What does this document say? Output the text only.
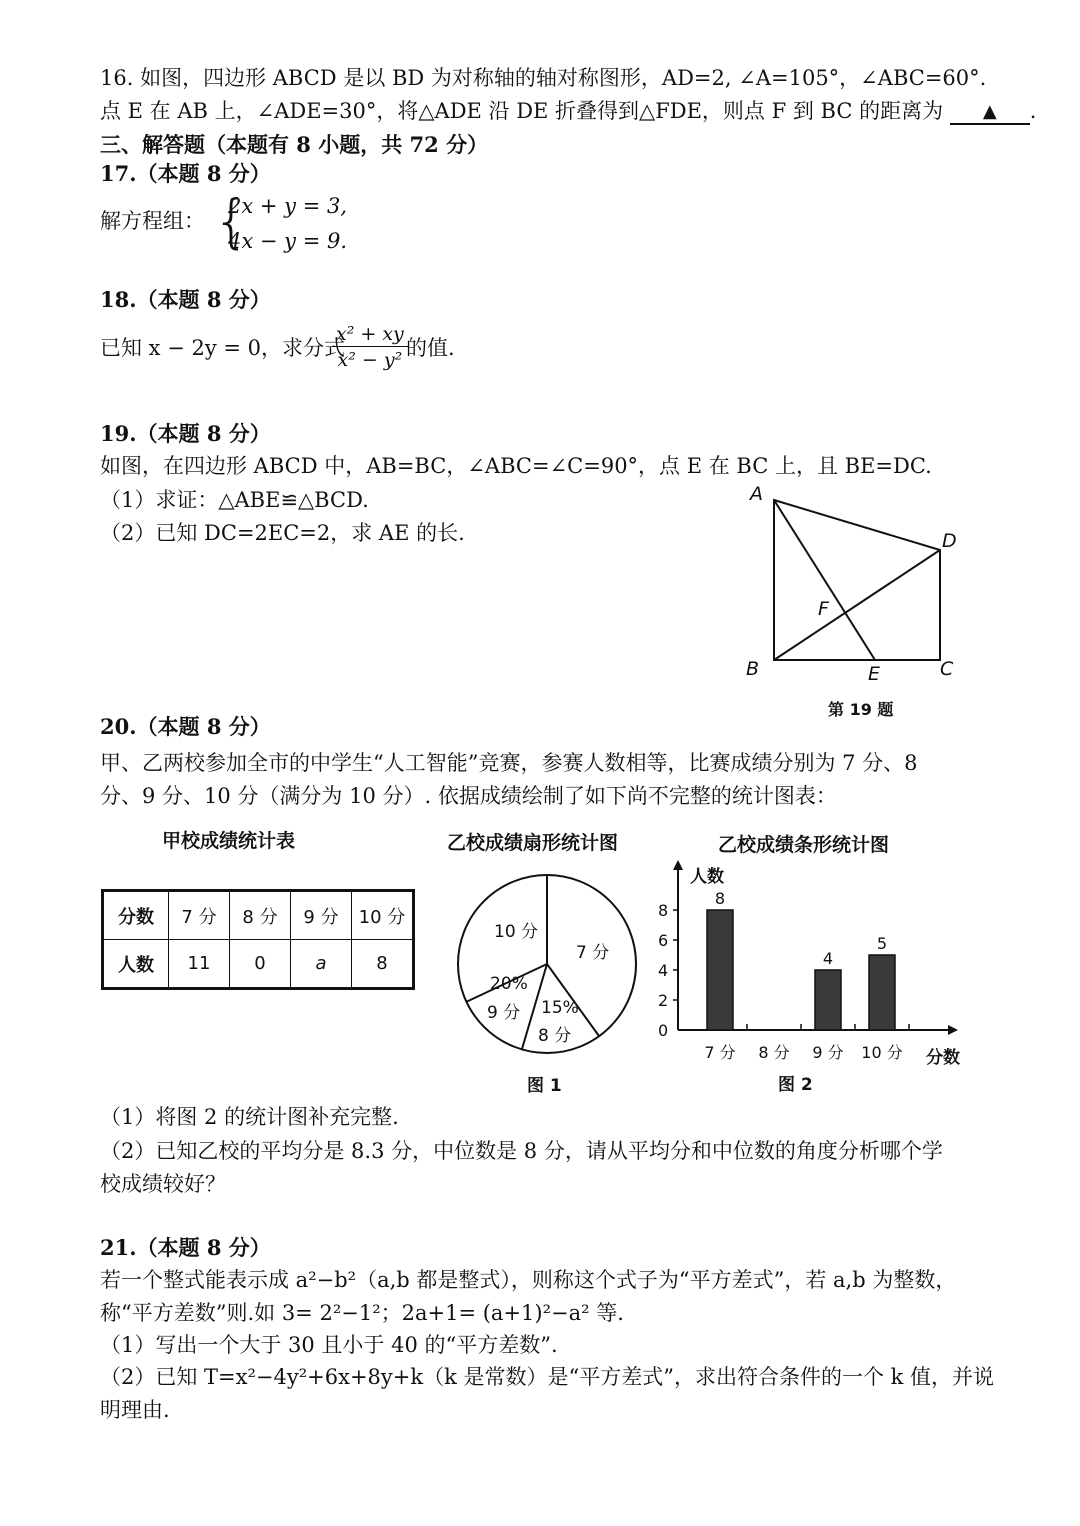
16. 如图，四边形 ABCD 是以 BD 为对称轴的轴对称图形，AD=2, ∠A=105°，∠ABC=60°.
点 E 在 AB 上，∠ADE=30°，将△ADE 沿 DE 折叠得到△FDE，则点 F 到 BC 的距离为 ▲ .
三、解答题（本题有 8 小题，共 72 分）
17.（本题 8 分）
解方程组： {
2x + y = 3,
4x − y = 9.
18.（本题 8 分）
已知 x − 2y = 0，求分式
$\frac{\text{x² + xy}}{\text{x² − y²}}$
的值.
19.（本题 8 分）
如图，在四边形 ABCD 中，AB=BC，∠ABC=∠C=90°，点 E 在 BC 上，且 BE=DC.
（1）求证：△ABE≌△BCD.
（2）已知 DC=2EC=2，求 AE 的长.
A
D
F
B	E	C
第 19 题
20.（本题 8 分）
甲、乙两校参加全市的中学生“人工智能”竞赛，参赛人数相等，比赛成绩分别为 7 分、8
分、9 分、10 分（满分为 10 分）. 依据成绩绘制了如下尚不完整的统计图表：
甲校成绩统计表
分数	7 分	8 分	9 分	10 分
人数	11	0	a	8
乙校成绩扇形统计图
10 分
7 分
20%
9 分 15%
8 分
图 1
乙校成绩条形统计图
人数
分数
0
2
4
6
8
7 分
8
8 分 9 分
4
10 分
5
图 2
（1）将图 2 的统计图补充完整.
（2）已知乙校的平均分是 8.3 分，中位数是 8 分，请从平均分和中位数的角度分析哪个学
校成绩较好？
21.（本题 8 分）
若一个整式能表示成 a²−b²（a,b 都是整式），则称这个式子为“平方差式”，若 a,b 为整数，
称“平方差数”则.如 3= 2²−1²；2a+1= (a+1)²−a² 等.
（1）写出一个大于 30 且小于 40 的“平方差数”.
（2）已知 T=x²−4y²+6x+8y+k（k 是常数）是“平方差式”，求出符合条件的一个 k 值，并说
明理由.
